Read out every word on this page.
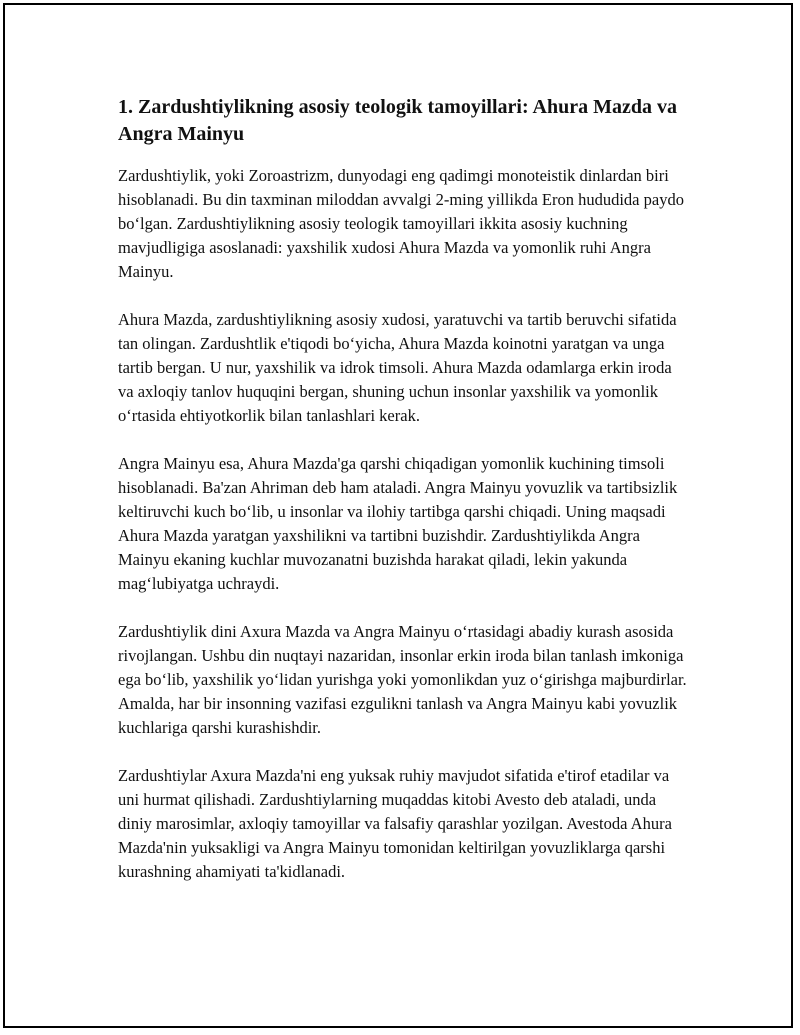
1. Zardushtiylikning asosiy teologik tamoyillari: Ahura Mazda va Angra Mainyu

Zardushtiylik, yoki Zoroastrizm, dunyodagi eng qadimgi monoteistik dinlardan biri hisoblanadi. Bu din taxminan miloddan avvalgi 2-ming yillikda Eron hududida paydo bo‘lgan. Zardushtiylikning asosiy teologik tamoyillari ikkita asosiy kuchning mavjudligiga asoslanadi: yaxshilik xudosi Ahura Mazda va yomonlik ruhi Angra Mainyu.

Ahura Mazda, zardushtiylikning asosiy xudosi, yaratuvchi va tartib beruvchi sifatida tan olingan. Zardushtlik e'tiqodi bo‘yicha, Ahura Mazda koinotni yaratgan va unga tartib bergan. U nur, yaxshilik va idrok timsoli. Ahura Mazda odamlarga erkin iroda va axloqiy tanlov huquqini bergan, shuning uchun insonlar yaxshilik va yomonlik o‘rtasida ehtiyotkorlik bilan tanlashlari kerak.

Angra Mainyu esa, Ahura Mazda'ga qarshi chiqadigan yomonlik kuchining timsoli hisoblanadi. Ba'zan Ahriman deb ham ataladi. Angra Mainyu yovuzlik va tartibsizlik keltiruvchi kuch bo‘lib, u insonlar va ilohiy tartibga qarshi chiqadi. Uning maqsadi Ahura Mazda yaratgan yaxshilikni va tartibni buzishdir. Zardushtiylikda Angra Mainyu ekaning kuchlar muvozanatni buzishda harakat qiladi, lekin yakunda mag‘lubiyatga uchraydi.

Zardushtiylik dini Axura Mazda va Angra Mainyu o‘rtasidagi abadiy kurash asosida rivojlangan. Ushbu din nuqtayi nazaridan, insonlar erkin iroda bilan tanlash imkoniga ega bo‘lib, yaxshilik yo‘lidan yurishga yoki yomonlikdan yuz o‘girishga majburdirlar. Amalda, har bir insonning vazifasi ezgulikni tanlash va Angra Mainyu kabi yovuzlik kuchlariga qarshi kurashishdir.

Zardushtiylar Axura Mazda'ni eng yuksak ruhiy mavjudot sifatida e'tirof etadilar va uni hurmat qilishadi. Zardushtiylarning muqaddas kitobi Avesto deb ataladi, unda diniy marosimlar, axloqiy tamoyillar va falsafiy qarashlar yozilgan. Avestoda Ahura Mazda'nin yuksakligi va Angra Mainyu tomonidan keltirilgan yovuzliklarga qarshi kurashning ahamiyati ta'kidlanadi.
